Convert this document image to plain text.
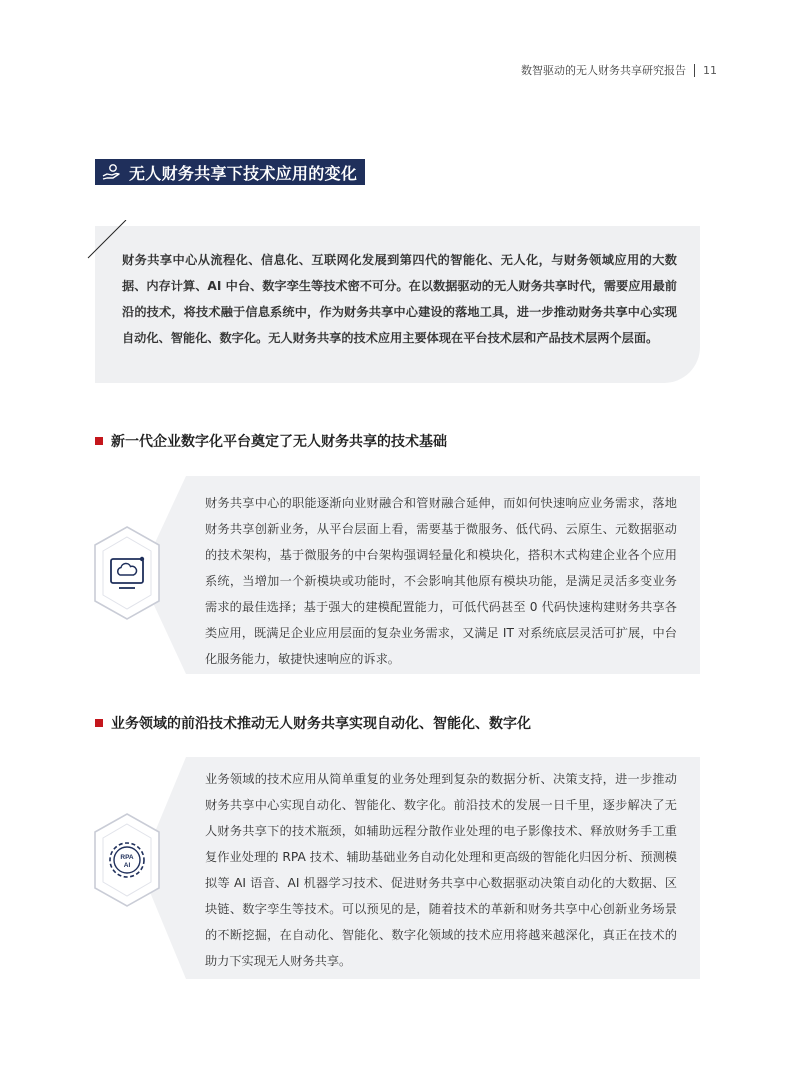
数智驱动的无人财务共享研究报告 11
无人财务共享下技术应用的变化
财务共享中心从流程化、信息化、互联网化发展到第四代的智能化、无人化，与财务领域应用的大数据、内存计算、AI 中台、数字孪生等技术密不可分。在以数据驱动的无人财务共享时代，需要应用最前沿的技术，将技术融于信息系统中，作为财务共享中心建设的落地工具，进一步推动财务共享中心实现自动化、智能化、数字化。无人财务共享的技术应用主要体现在平台技术层和产品技术层两个层面。
新一代企业数字化平台奠定了无人财务共享的技术基础
财务共享中心的职能逐渐向业财融合和管财融合延伸，而如何快速响应业务需求，落地财务共享创新业务，从平台层面上看，需要基于微服务、低代码、云原生、元数据驱动的技术架构，基于微服务的中台架构强调轻量化和模块化，搭积木式构建企业各个应用系统，当增加一个新模块或功能时，不会影响其他原有模块功能，是满足灵活多变业务需求的最佳选择；基于强大的建模配置能力，可低代码甚至 0 代码快速构建财务共享各类应用，既满足企业应用层面的复杂业务需求，又满足 IT 对系统底层灵活可扩展，中台化服务能力，敏捷快速响应的诉求。
业务领域的前沿技术推动无人财务共享实现自动化、智能化、数字化
RPA
AI
业务领域的技术应用从简单重复的业务处理到复杂的数据分析、决策支持，进一步推动财务共享中心实现自动化、智能化、数字化。前沿技术的发展一日千里，逐步解决了无人财务共享下的技术瓶颈，如辅助远程分散作业处理的电子影像技术、释放财务手工重复作业处理的 RPA 技术、辅助基础业务自动化处理和更高级的智能化归因分析、预测模拟等 AI 语音、AI 机器学习技术、促进财务共享中心数据驱动决策自动化的大数据、区块链、数字孪生等技术。可以预见的是，随着技术的革新和财务共享中心创新业务场景的不断挖掘，在自动化、智能化、数字化领域的技术应用将越来越深化，真正在技术的助力下实现无人财务共享。
